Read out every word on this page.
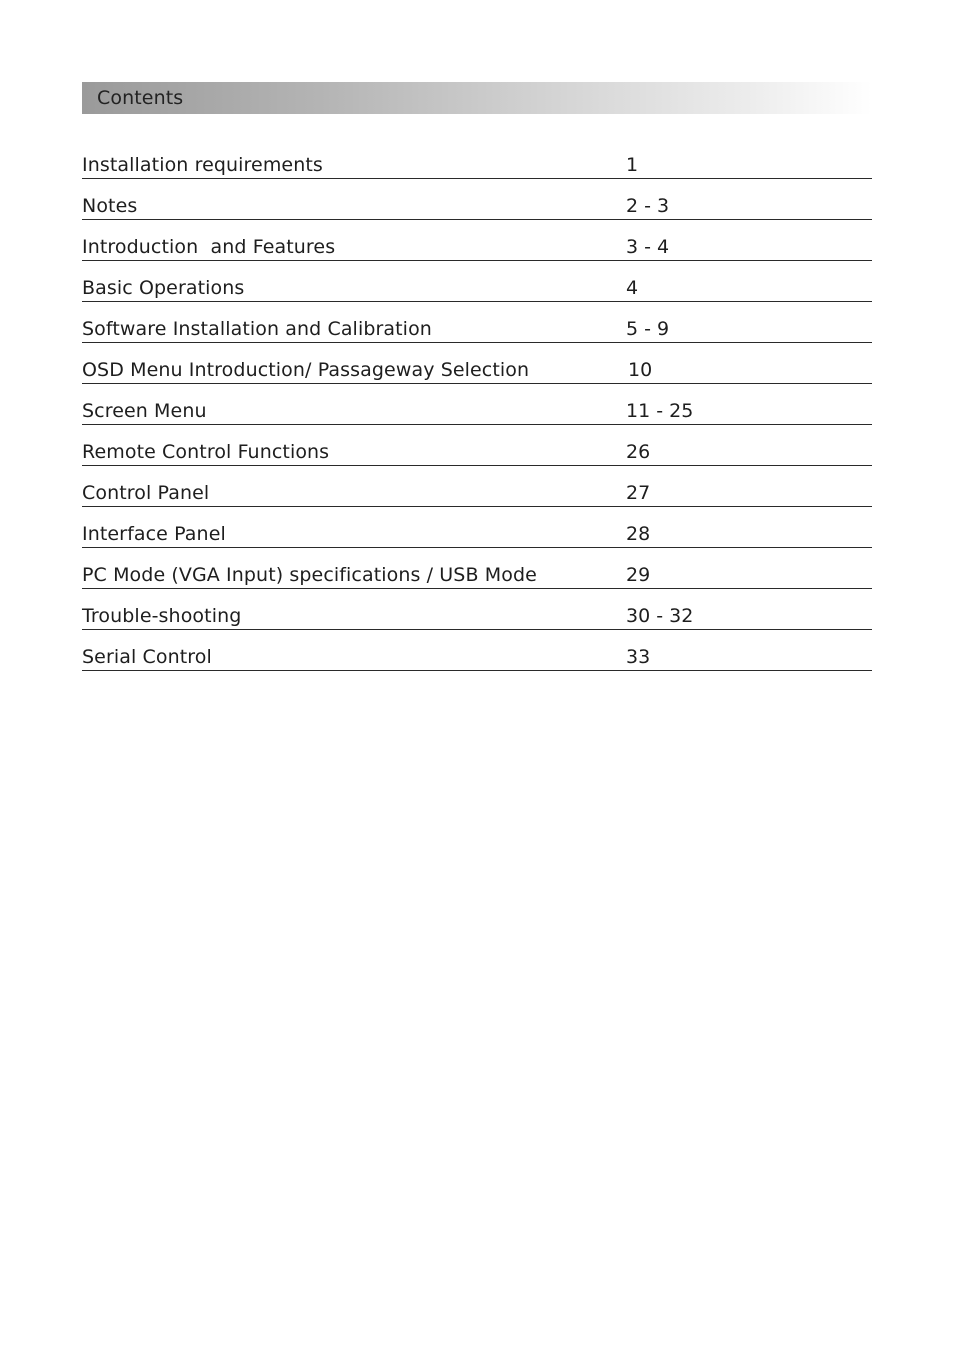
Contents
Installation requirements	1
Notes	2 - 3
Introduction  and Features	3 - 4
Basic Operations	4
Software Installation and Calibration	5 - 9
OSD Menu Introduction/ Passageway Selection	10
Screen Menu	11 - 25
Remote Control Functions	26
Control Panel	27
Interface Panel	28
PC Mode (VGA Input) specifications / USB Mode	29
Trouble-shooting	30 - 32
Serial Control	33
